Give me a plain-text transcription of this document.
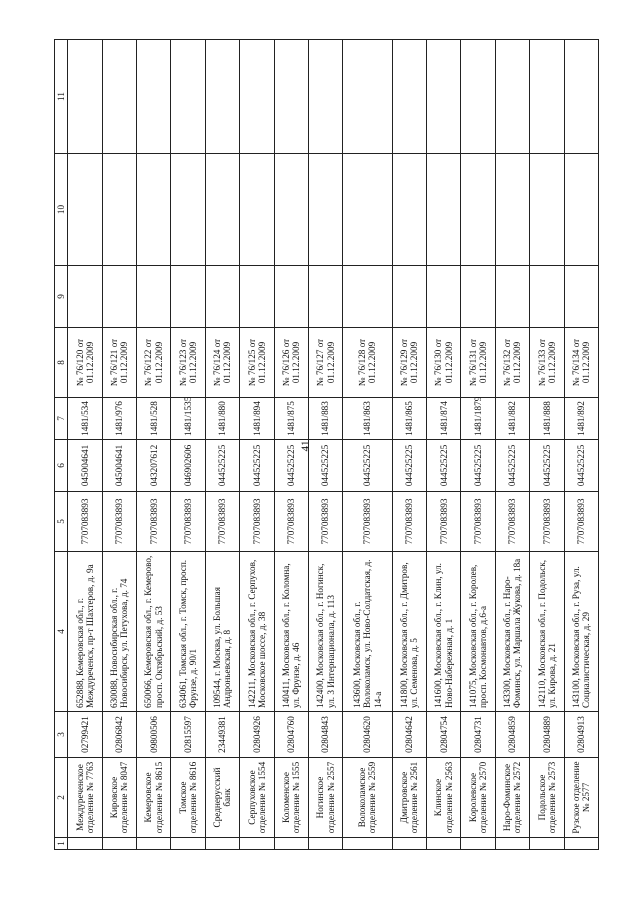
41
1	2	3	4	5	6	7	8	9	10	11
	Междуреченское отделение № 7763	02799421	652888, Кемеровская обл., г. Междуреченск, пр-т Шахтеров, д. 9а	7707083893	045004641	1481/534	№ 76/120 от 01.12.2009			
	Кировское отделение № 8047	02806842	630088, Новосибирская обл., г. Новосибирск, ул. Петухова, д. 74	7707083893	045004641	1481/976	№ 76/121 от 01.12.2009			
	Кемеровское отделение № 8615	09800506	650066, Кемеровская обл., г. Кемерово, просп. Октябрьский, д. 53	7707083893	043207612	1481/528	№ 76/122 от 01.12.2009			
	Томское отделение № 8616	02815597	634061, Томская обл., г. Томск, просп. Фрунзе, д. 90/1	7707083893	046902606	1481/1535	№ 76/123 от 01.12.2009			
	Среднерусский банк	23449381	109544, г. Москва, ул. Большая Андроньевская, д. 8	7707083893	044525225	1481/880	№ 76/124 от 01.12.2009			
	Серпуховское отделение № 1554	02804926	142211, Московская обл., г. Серпухов, Московское шоссе, д. 38	7707083893	044525225	1481/894	№ 76/125 от 01.12.2009			
	Коломенское отделение № 1555	02804760	140411, Московская обл., г. Коломна, ул. Фрунзе, д. 46	7707083893	044525225	1481/875	№ 76/126 от 01.12.2009			
	Ногинское отделение № 2557	02804843	142400, Московская обл., г. Ногинск, ул. 3 Интернационала, д. 113	7707083893	044525225	1481/883	№ 76/127 от 01.12.2009			
	Волоколамское отделение № 2559	02804620	143600, Московская обл., г. Волоколамск, ул. Ново-Солдатская, д. 14-а	7707083893	044525225	1481/863	№ 76/128 от 01.12.2009			
	Дмитровское отделение № 2561	02804642	141800, Московская обл., г. Дмитров, ул. Семенова, д. 5	7707083893	044525225	1481/865	№ 76/129 от 01.12.2009			
	Клинское отделение № 2563	02804754	141600, Московская обл., г. Клин, ул. Ново-Набережная, д. 1	7707083893	044525225	1481/874	№ 76/130 от 01.12.2009			
	Королевское отделение № 2570	02804731	141075, Московская обл., г. Королев, просп. Космонавтов, д.6-а	7707083893	044525225	1481/1879	№ 76/131 от 01.12.2009			
	Наро-Фоминское отделение № 2572	02804859	143300, Московская обл., г. Наро-Фоминск, ул. Маршала Жукова, д. 18а	7707083893	044525225	1481/882	№ 76/132 от 01.12.2009			
	Подольское отделение № 2573	02804889	142110, Московская обл., г. Подольск, ул. Кирова, д. 21	7707083893	044525225	1481/888	№ 76/133 от 01.12.2009			
	Рузское отделение № 2577	02804913	143100, Московская обл., г. Руза, ул. Социалистическая, д. 29	7707083893	044525225	1481/892	№ 76/134 от 01.12.2009			
